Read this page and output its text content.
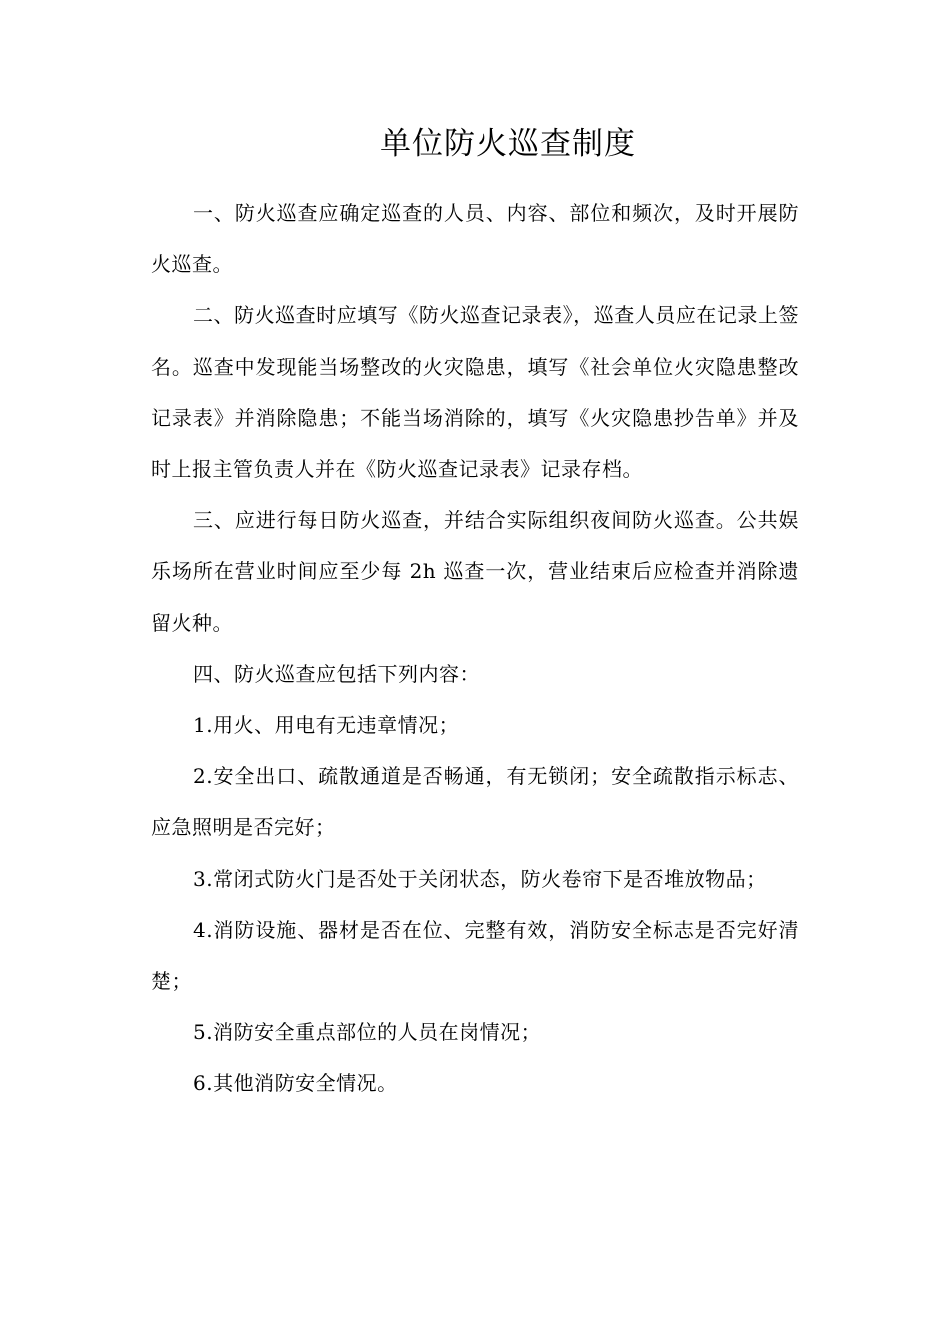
单位防火巡查制度

一、防火巡查应确定巡查的人员、内容、部位和频次，及时开展防火巡查。

二、防火巡查时应填写《防火巡查记录表》，巡查人员应在记录上签名。巡查中发现能当场整改的火灾隐患，填写《社会单位火灾隐患整改记录表》并消除隐患；不能当场消除的，填写《火灾隐患抄告单》并及时上报主管负责人并在《防火巡查记录表》记录存档。

三、应进行每日防火巡查，并结合实际组织夜间防火巡查。公共娱乐场所在营业时间应至少每 2h 巡查一次，营业结束后应检查并消除遗留火种。

四、防火巡查应包括下列内容：

1.用火、用电有无违章情况；

2.安全出口、疏散通道是否畅通，有无锁闭；安全疏散指示标志、应急照明是否完好；

3.常闭式防火门是否处于关闭状态，防火卷帘下是否堆放物品；

4.消防设施、器材是否在位、完整有效，消防安全标志是否完好清楚；

5.消防安全重点部位的人员在岗情况；

6.其他消防安全情况。
